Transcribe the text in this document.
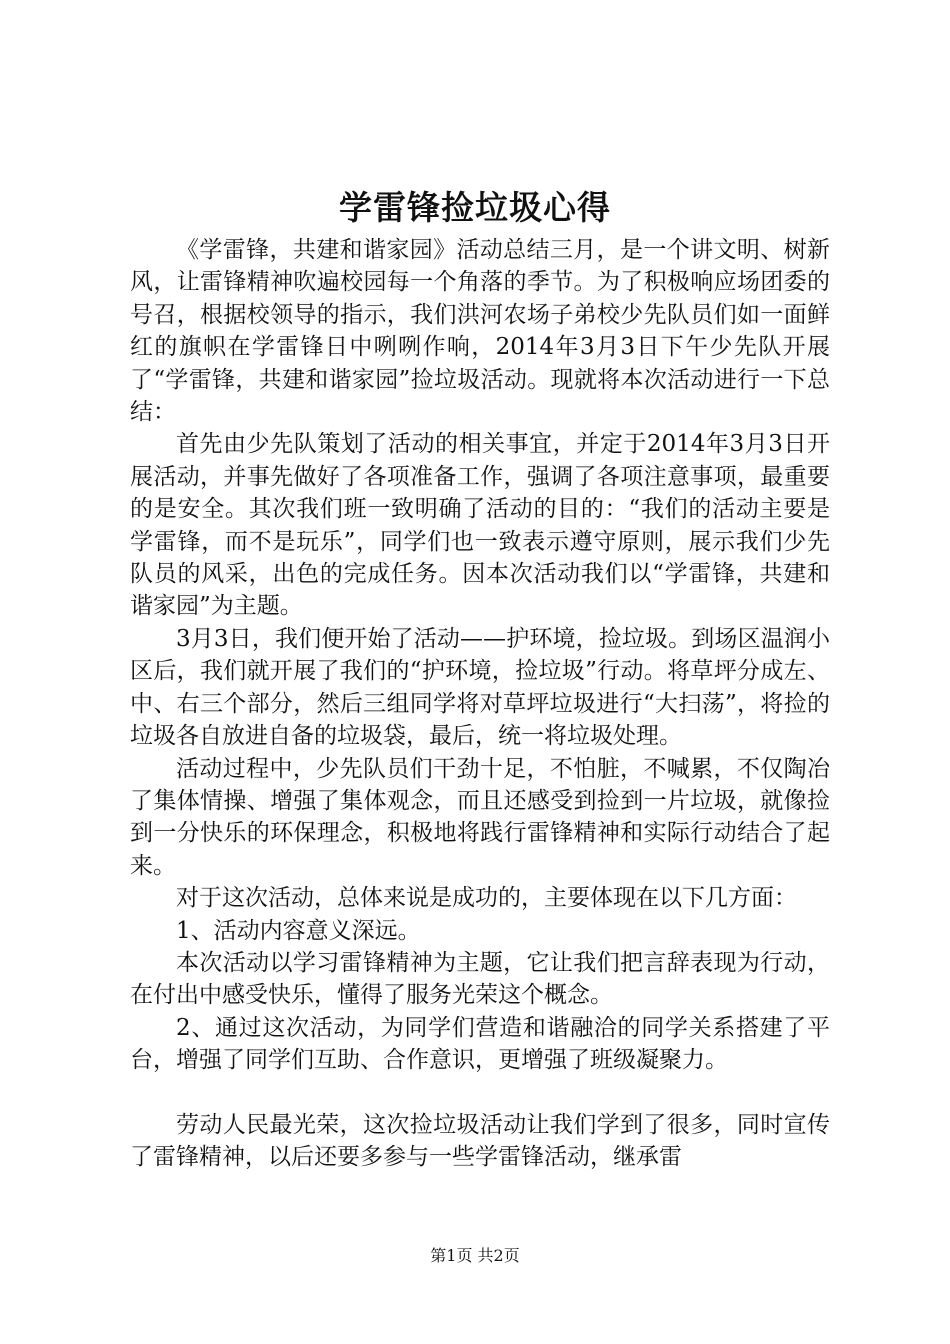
学雷锋捡垃圾心得

《学雷锋，共建和谐家园》活动总结三月，是一个讲文明、树新风，让雷锋精神吹遍校园每一个角落的季节。为了积极响应场团委的号召，根据校领导的指示，我们洪河农场子弟校少先队员们如一面鲜红的旗帜在学雷锋日中咧咧作响，2014年3月3日下午少先队开展了“学雷锋，共建和谐家园”捡垃圾活动。现就将本次活动进行一下总结：

首先由少先队策划了活动的相关事宜，并定于2014年3月3日开展活动，并事先做好了各项准备工作，强调了各项注意事项，最重要的是安全。其次我们班一致明确了活动的目的：“我们的活动主要是学雷锋，而不是玩乐”，同学们也一致表示遵守原则，展示我们少先队员的风采，出色的完成任务。因本次活动我们以“学雷锋，共建和谐家园”为主题。

3月3日，我们便开始了活动——护环境，捡垃圾。到场区温润小区后，我们就开展了我们的“护环境，捡垃圾”行动。将草坪分成左、中、右三个部分，然后三组同学将对草坪垃圾进行“大扫荡”，将捡的垃圾各自放进自备的垃圾袋，最后，统一将垃圾处理。

活动过程中，少先队员们干劲十足，不怕脏，不喊累，不仅陶冶了集体情操、增强了集体观念，而且还感受到捡到一片垃圾，就像捡到一分快乐的环保理念，积极地将践行雷锋精神和实际行动结合了起来。

对于这次活动，总体来说是成功的，主要体现在以下几方面：

1、活动内容意义深远。

本次活动以学习雷锋精神为主题，它让我们把言辞表现为行动，在付出中感受快乐，懂得了服务光荣这个概念。

2、通过这次活动，为同学们营造和谐融洽的同学关系搭建了平台，增强了同学们互助、合作意识，更增强了班级凝聚力。

劳动人民最光荣，这次捡垃圾活动让我们学到了很多，同时宣传了雷锋精神，以后还要多参与一些学雷锋活动，继承雷

第1页 共2页
